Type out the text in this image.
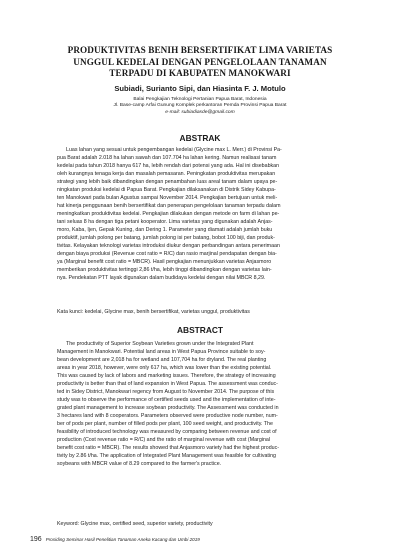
PRODUKTIVITAS BENIH BERSERTIFIKAT LIMA VARIETAS
UNGGUL KEDELAI DENGAN PENGELOLAAN TANAMAN
TERPADU DI KABUPATEN MANOKWARI
Subiadi, Surianto Sipi, dan Hiasinta F. J. Motulo
Balai Pengkajian Teknologi Pertanian Papua Barat, Indonesia
Jl. Base-camp Arfai Gunung Komplek perkantoran Pemda Provinsi Papua Barat
e-mail: subiadiasde@gmail.com
ABSTRAK
Luas lahan yang sesuai untuk pengembangan kedelai (Glycine max L. Merr.) di Provinsi Pa-
pua Barat adalah 2.018 ha lahan sawah dan 107.704 ha lahan kering. Namun realisasi tanam
kedelai pada tahun 2018 hanya 617 ha, lebih rendah dari potensi yang ada. Hal ini disebabkan
oleh kurangnya tenaga kerja dan masalah pemasaran. Peningkatan produktivitas merupakan
strategi yang lebih baik dibandingkan dengan penambahan luas areal tanam dalam upaya pe-
ningkatan produksi kedelai di Papua Barat. Pengkajian dilaksanakan di Distrik Sidey Kabupa-
ten Manokwari pada bulan Agustus sampai November 2014. Pengkajian bertujuan untuk meli-
hat kinerja penggunaan benih bersertifikat dan penerapan pengelolaan tanaman terpadu dalam
meningkatkan produktivitas kedelai. Pengkajian dilakukan dengan metode on farm di lahan pe-
tani seluas 8 ha dengan tiga petani kooperator. Lima varietas yang digunakan adalah Anjas-
moro, Kaba, Ijen, Gepak Kuning, dan Dering 1. Parameter yang diamati adalah jumlah buku
produktif, jumlah polong per batang, jumlah polong isi per batang, bobot 100 biji, dan produk-
tivitas. Kelayakan teknologi varietas introduksi diukur dengan perbandingan antara penerimaan
dengan biaya produksi (Revenue cost ratio = R/C) dan rasio marjinal pendapatan dengan bia-
ya (Marginal benefit cost ratio = MBCR). Hasil pengkajian menunjukkan varietas Anjasmoro
memberikan produktivitas tertinggi 2,86 t/ha, lebih tinggi dibandingkan dengan varietas lain-
nya. Pendekatan PTT layak digunakan dalam budidaya kedelai dengan nilai MBCR 8,29.
Kata kunci: kedelai, Glycine max, benih bersertifikat, varietas unggul, produktivitas
ABSTRACT
The productivity of Superior Soybean Varieties grown under the Integrated Plant
Management in Manokwari. Potential land areas in West Papua Province suitable to soy-
bean development are 2,018 ha for wetland and 107,704 ha for dryland. The real planting
areas in year 2018, however, were only 617 ha, which was lower than the existing potential.
This was caused by lack of labors and marketing issues. Therefore, the strategy of increasing
productivity is better than that of land expansion in West Papua. The assessment was conduc-
ted in Sidey District, Manokwari regency from August to November 2014. The purpose of this
study was to observe the performance of certified seeds used and the implementation of inte-
grated plant management to increase soybean productivity. The Assessment was conducted in
3 hectares land with 8 cooperators. Parameters observed were productive node number, num-
ber of pods per plant, number of filled pods per plant, 100 seed weight, and productivity. The
feasibility of introduced technology was measured by comparing between revenue and cost of
production (Cost revenue ratio = R/C) and the ratio of marginal revenue with cost (Marginal
benefit cost ratio = MBCR). The results showed that Anjasmoro variety had the highest produc-
tivity by 2.86 t/ha. The application of Integrated Plant Management was feasible for cultivating
soybeans with MBCR value of 8.29 compared to the farmer's practice.
Keyword: Glycine max, certified seed, superior variety, productivity
196 Prosiding Seminar Hasil Penelitian Tanaman Aneka Kacang dan Umbi 2019
